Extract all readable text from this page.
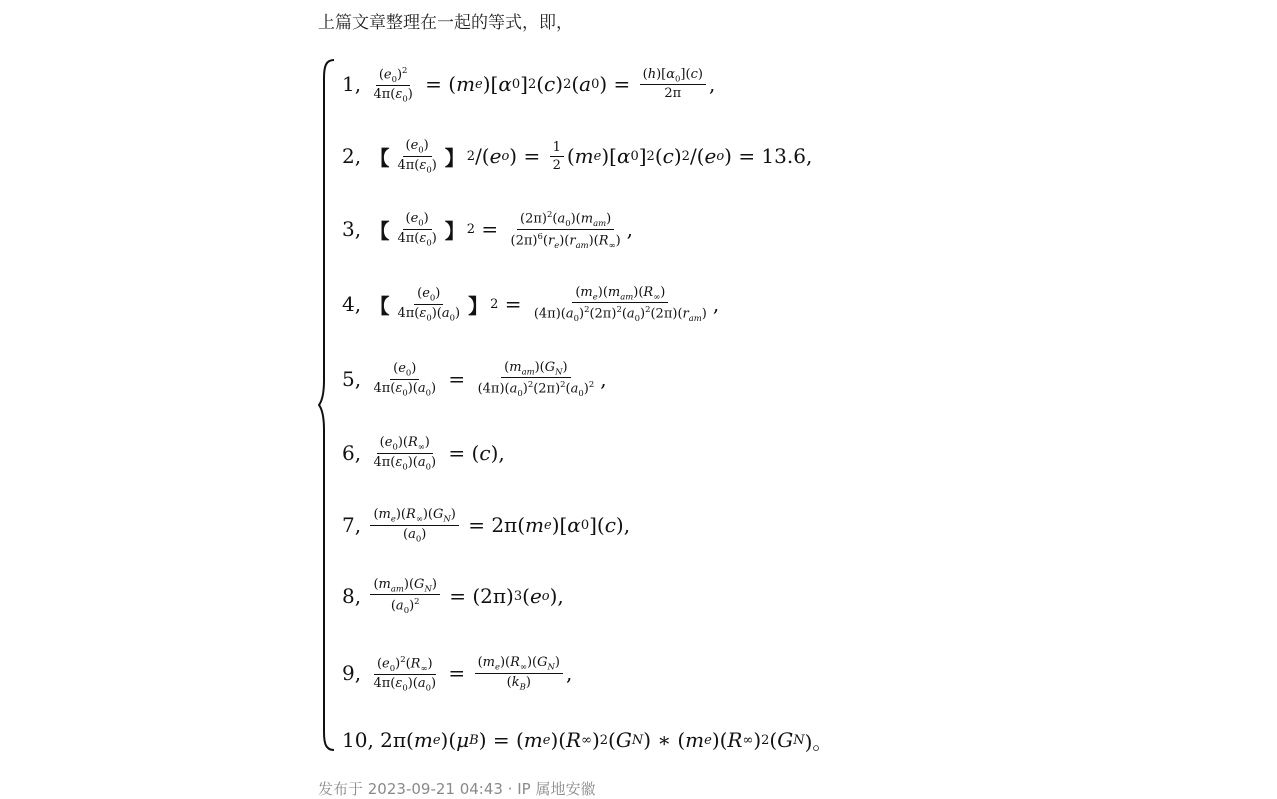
上篇文章整理在一起的等式，即，
1, $\frac{(e_0)^2}{4\pi(\varepsilon_0)}$ = ( m e )[ α 0 ] 2 ( c ) 2 ( a 0 ) = $\frac{(h)[\alpha_0](c)}{2\pi}$ ,
2, 【 $\frac{(e_0)}{4\pi(\varepsilon_0)}$ 】 2 /( e o ) = $\frac{1}{2}$ ( m e )[ α 0 ] 2 ( c ) 2 /( e o ) = 13.6,
3, 【 $\frac{(e_0)}{4\pi(\varepsilon_0)}$ 】 $2 = \frac{(2\pi)^2(a_0)(m_{am})}{(2\pi)^6(r_e)(r_{am})(R_\infty)}$ ,
4, 【 $\frac{(e_0)}{4\pi(\varepsilon_0)(a_0)}$ 】 $2 = \frac{(m_e)(m_{am})(R_\infty)}{(4\pi)(a_0)^2(2\pi)^2(a_0)^2(2\pi)(r_{am})}$ ,
5, $\frac{(e_0)}{4\pi(\varepsilon_0)(a_0)} = \frac{(m_{am})(G_N)}{(4\pi)(a_0)^2(2\pi)^2(a_0)^2}$ ,
6, $\frac{(e_0)(R_\infty)}{4\pi(\varepsilon_0)(a_0)}$ = ( c ),
7, $\frac{(m_e)(R_\infty)(G_N)}{(a_0)} = 2\pi$( m e )[ α 0 ]( c ),
8, $\frac{(m_{am})(G_N)}{(a_0)^2} = (2\pi)$ 3 ( e o ),
9, $\frac{(e_0)^2(R_\infty)}{4\pi(\varepsilon_0)(a_0)} = \frac{(m_e)(R_\infty)(G_N)}{(k_B)}$ ,
10, 2π( m e )( μ B ) = ( m e )( R ∞ ) 2 ( G N ) ∗ ( m e )( R ∞ ) 2 ( G N )。
发布于 2023-09-21 04:43 · IP 属地安徽
